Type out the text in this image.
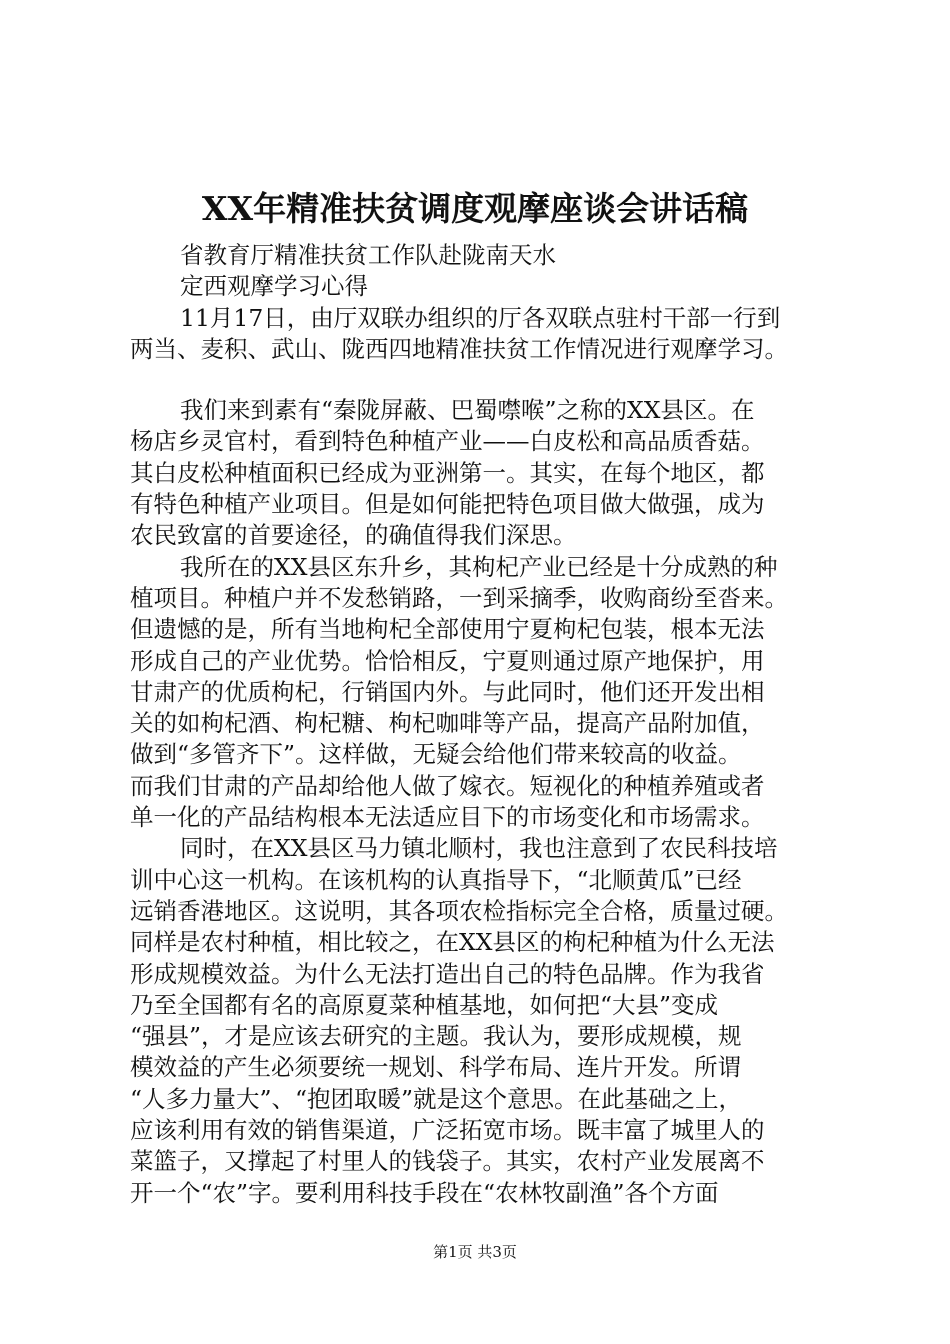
XX年精准扶贫调度观摩座谈会讲话稿
省教育厅精准扶贫工作队赴陇南天水
定西观摩学习心得
11月17日，由厅双联办组织的厅各双联点驻村干部一行到
两当、麦积、武山、陇西四地精准扶贫工作情况进行观摩学习。
我们来到素有“秦陇屏蔽、巴蜀噤喉”之称的XX县区。在
杨店乡灵官村，看到特色种植产业——白皮松和高品质香菇。
其白皮松种植面积已经成为亚洲第一。其实，在每个地区，都
有特色种植产业项目。但是如何能把特色项目做大做强，成为
农民致富的首要途径，的确值得我们深思。
我所在的XX县区东升乡，其枸杞产业已经是十分成熟的种
植项目。种植户并不发愁销路，一到采摘季，收购商纷至沓来。
但遗憾的是，所有当地枸杞全部使用宁夏枸杞包装，根本无法
形成自己的产业优势。恰恰相反，宁夏则通过原产地保护，用
甘肃产的优质枸杞，行销国内外。与此同时，他们还开发出相
关的如枸杞酒、枸杞糖、枸杞咖啡等产品，提高产品附加值，
做到“多管齐下”。这样做，无疑会给他们带来较高的收益。
而我们甘肃的产品却给他人做了嫁衣。短视化的种植养殖或者
单一化的产品结构根本无法适应目下的市场变化和市场需求。
同时，在XX县区马力镇北顺村，我也注意到了农民科技培
训中心这一机构。在该机构的认真指导下，“北顺黄瓜”已经
远销香港地区。这说明，其各项农检指标完全合格，质量过硬。
同样是农村种植，相比较之，在XX县区的枸杞种植为什么无法
形成规模效益。为什么无法打造出自己的特色品牌。作为我省
乃至全国都有名的高原夏菜种植基地，如何把“大县”变成
“强县”，才是应该去研究的主题。我认为，要形成规模，规
模效益的产生必须要统一规划、科学布局、连片开发。所谓
“人多力量大”、“抱团取暖”就是这个意思。在此基础之上，
应该利用有效的销售渠道，广泛拓宽市场。既丰富了城里人的
菜篮子，又撑起了村里人的钱袋子。其实，农村产业发展离不
开一个“农”字。要利用科技手段在“农林牧副渔”各个方面
第1页 共3页
